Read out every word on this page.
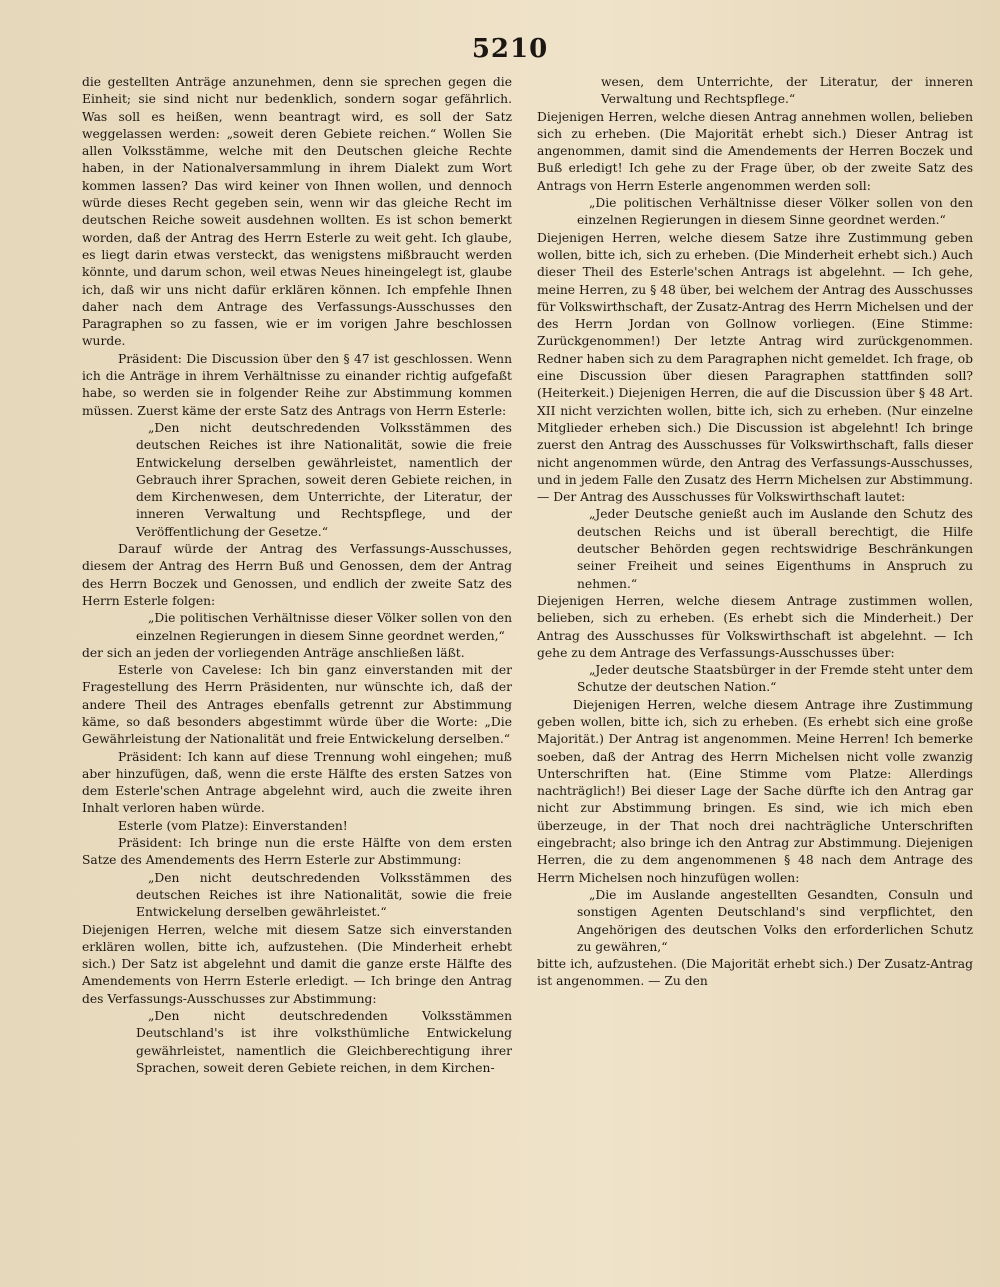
5210

die gestellten Anträge anzunehmen, denn sie sprechen gegen die Einheit; sie sind nicht nur bedenklich, sondern sogar gefährlich. Was soll es heißen, wenn beantragt wird, es soll der Satz weggelassen werden: „soweit deren Gebiete reichen.“ Wollen Sie allen Volksstämme, welche mit den Deutschen gleiche Rechte haben, in der Nationalversammlung in ihrem Dialekt zum Wort kommen lassen? Das wird keiner von Ihnen wollen, und dennoch würde dieses Recht gegeben sein, wenn wir das gleiche Recht im deutschen Reiche soweit ausdehnen wollten. Es ist schon bemerkt worden, daß der Antrag des Herrn Esterle zu weit geht. Ich glaube, es liegt darin etwas versteckt, das wenigstens mißbraucht werden könnte, und darum schon, weil etwas Neues hineingelegt ist, glaube ich, daß wir uns nicht dafür erklären können. Ich empfehle Ihnen daher nach dem Antrage des Verfassungs-Ausschusses den Paragraphen so zu fassen, wie er im vorigen Jahre beschlossen wurde.

Präsident: Die Discussion über den § 47 ist geschlossen. Wenn ich die Anträge in ihrem Verhältnisse zu einander richtig aufgefaßt habe, so werden sie in folgender Reihe zur Abstimmung kommen müssen. Zuerst käme der erste Satz des Antrags von Herrn Esterle:

„Den nicht deutschredenden Volksstämmen des deutschen Reiches ist ihre Nationalität, sowie die freie Entwickelung derselben gewährleistet, namentlich der Gebrauch ihrer Sprachen, soweit deren Gebiete reichen, in dem Kirchenwesen, dem Unterrichte, der Literatur, der inneren Verwaltung und Rechtspflege, und der Veröffentlichung der Gesetze.“

Darauf würde der Antrag des Verfassungs-Ausschusses, diesem der Antrag des Herrn Buß und Genossen, dem der Antrag des Herrn Boczek und Genossen, und endlich der zweite Satz des Herrn Esterle folgen:

„Die politischen Verhältnisse dieser Völker sollen von den einzelnen Regierungen in diesem Sinne geordnet werden,“

der sich an jeden der vorliegenden Anträge anschließen läßt.

Esterle von Cavelese: Ich bin ganz einverstanden mit der Fragestellung des Herrn Präsidenten, nur wünschte ich, daß der andere Theil des Antrages ebenfalls getrennt zur Abstimmung käme, so daß besonders abgestimmt würde über die Worte: „Die Gewährleistung der Nationalität und freie Entwickelung derselben.“

Präsident: Ich kann auf diese Trennung wohl eingehen; muß aber hinzufügen, daß, wenn die erste Hälfte des ersten Satzes von dem Esterle'schen Antrage abgelehnt wird, auch die zweite ihren Inhalt verloren haben würde.

Esterle (vom Platze): Einverstanden!

Präsident: Ich bringe nun die erste Hälfte von dem ersten Satze des Amendements des Herrn Esterle zur Abstimmung:

„Den nicht deutschredenden Volksstämmen des deutschen Reiches ist ihre Nationalität, sowie die freie Entwickelung derselben gewährleistet.“

Diejenigen Herren, welche mit diesem Satze sich einverstanden erklären wollen, bitte ich, aufzustehen. (Die Minderheit erhebt sich.) Der Satz ist abgelehnt und damit die ganze erste Hälfte des Amendements von Herrn Esterle erledigt. — Ich bringe den Antrag des Verfassungs-Ausschusses zur Abstimmung:

„Den nicht deutschredenden Volksstämmen Deutschland's ist ihre volksthümliche Entwickelung gewährleistet, namentlich die Gleichberechtigung ihrer Sprachen, soweit deren Gebiete reichen, in dem Kirchen-

wesen, dem Unterrichte, der Literatur, der inneren Verwaltung und Rechtspflege.“

Diejenigen Herren, welche diesen Antrag annehmen wollen, belieben sich zu erheben. (Die Majorität erhebt sich.) Dieser Antrag ist angenommen, damit sind die Amendements der Herren Boczek und Buß erledigt! Ich gehe zu der Frage über, ob der zweite Satz des Antrags von Herrn Esterle angenommen werden soll:

„Die politischen Verhältnisse dieser Völker sollen von den einzelnen Regierungen in diesem Sinne geordnet werden.“

Diejenigen Herren, welche diesem Satze ihre Zustimmung geben wollen, bitte ich, sich zu erheben. (Die Minderheit erhebt sich.) Auch dieser Theil des Esterle'schen Antrags ist abgelehnt. — Ich gehe, meine Herren, zu § 48 über, bei welchem der Antrag des Ausschusses für Volkswirthschaft, der Zusatz-Antrag des Herrn Michelsen und der des Herrn Jordan von Gollnow vorliegen. (Eine Stimme: Zurückgenommen!) Der letzte Antrag wird zurückgenommen. Redner haben sich zu dem Paragraphen nicht gemeldet. Ich frage, ob eine Discussion über diesen Paragraphen stattfinden soll? (Heiterkeit.) Diejenigen Herren, die auf die Discussion über § 48 Art. XII nicht verzichten wollen, bitte ich, sich zu erheben. (Nur einzelne Mitglieder erheben sich.) Die Discussion ist abgelehnt! Ich bringe zuerst den Antrag des Ausschusses für Volkswirthschaft, falls dieser nicht angenommen würde, den Antrag des Verfassungs-Ausschusses, und in jedem Falle den Zusatz des Herrn Michelsen zur Abstimmung. — Der Antrag des Ausschusses für Volkswirthschaft lautet:

„Jeder Deutsche genießt auch im Auslande den Schutz des deutschen Reichs und ist überall berechtigt, die Hilfe deutscher Behörden gegen rechtswidrige Beschränkungen seiner Freiheit und seines Eigenthums in Anspruch zu nehmen.“

Diejenigen Herren, welche diesem Antrage zustimmen wollen, belieben, sich zu erheben. (Es erhebt sich die Minderheit.) Der Antrag des Ausschusses für Volkswirthschaft ist abgelehnt. — Ich gehe zu dem Antrage des Verfassungs-Ausschusses über:

„Jeder deutsche Staatsbürger in der Fremde steht unter dem Schutze der deutschen Nation.“

Diejenigen Herren, welche diesem Antrage ihre Zustimmung geben wollen, bitte ich, sich zu erheben. (Es erhebt sich eine große Majorität.) Der Antrag ist angenommen. Meine Herren! Ich bemerke soeben, daß der Antrag des Herrn Michelsen nicht volle zwanzig Unterschriften hat. (Eine Stimme vom Platze: Allerdings nachträglich!) Bei dieser Lage der Sache dürfte ich den Antrag gar nicht zur Abstimmung bringen. Es sind, wie ich mich eben überzeuge, in der That noch drei nachträgliche Unterschriften eingebracht; also bringe ich den Antrag zur Abstimmung. Diejenigen Herren, die zu dem angenommenen § 48 nach dem Antrage des Herrn Michelsen noch hinzufügen wollen:

„Die im Auslande angestellten Gesandten, Consuln und sonstigen Agenten Deutschland's sind verpflichtet, den Angehörigen des deutschen Volks den erforderlichen Schutz zu gewähren,“

bitte ich, aufzustehen. (Die Majorität erhebt sich.) Der Zusatz-Antrag ist angenommen. — Zu den
